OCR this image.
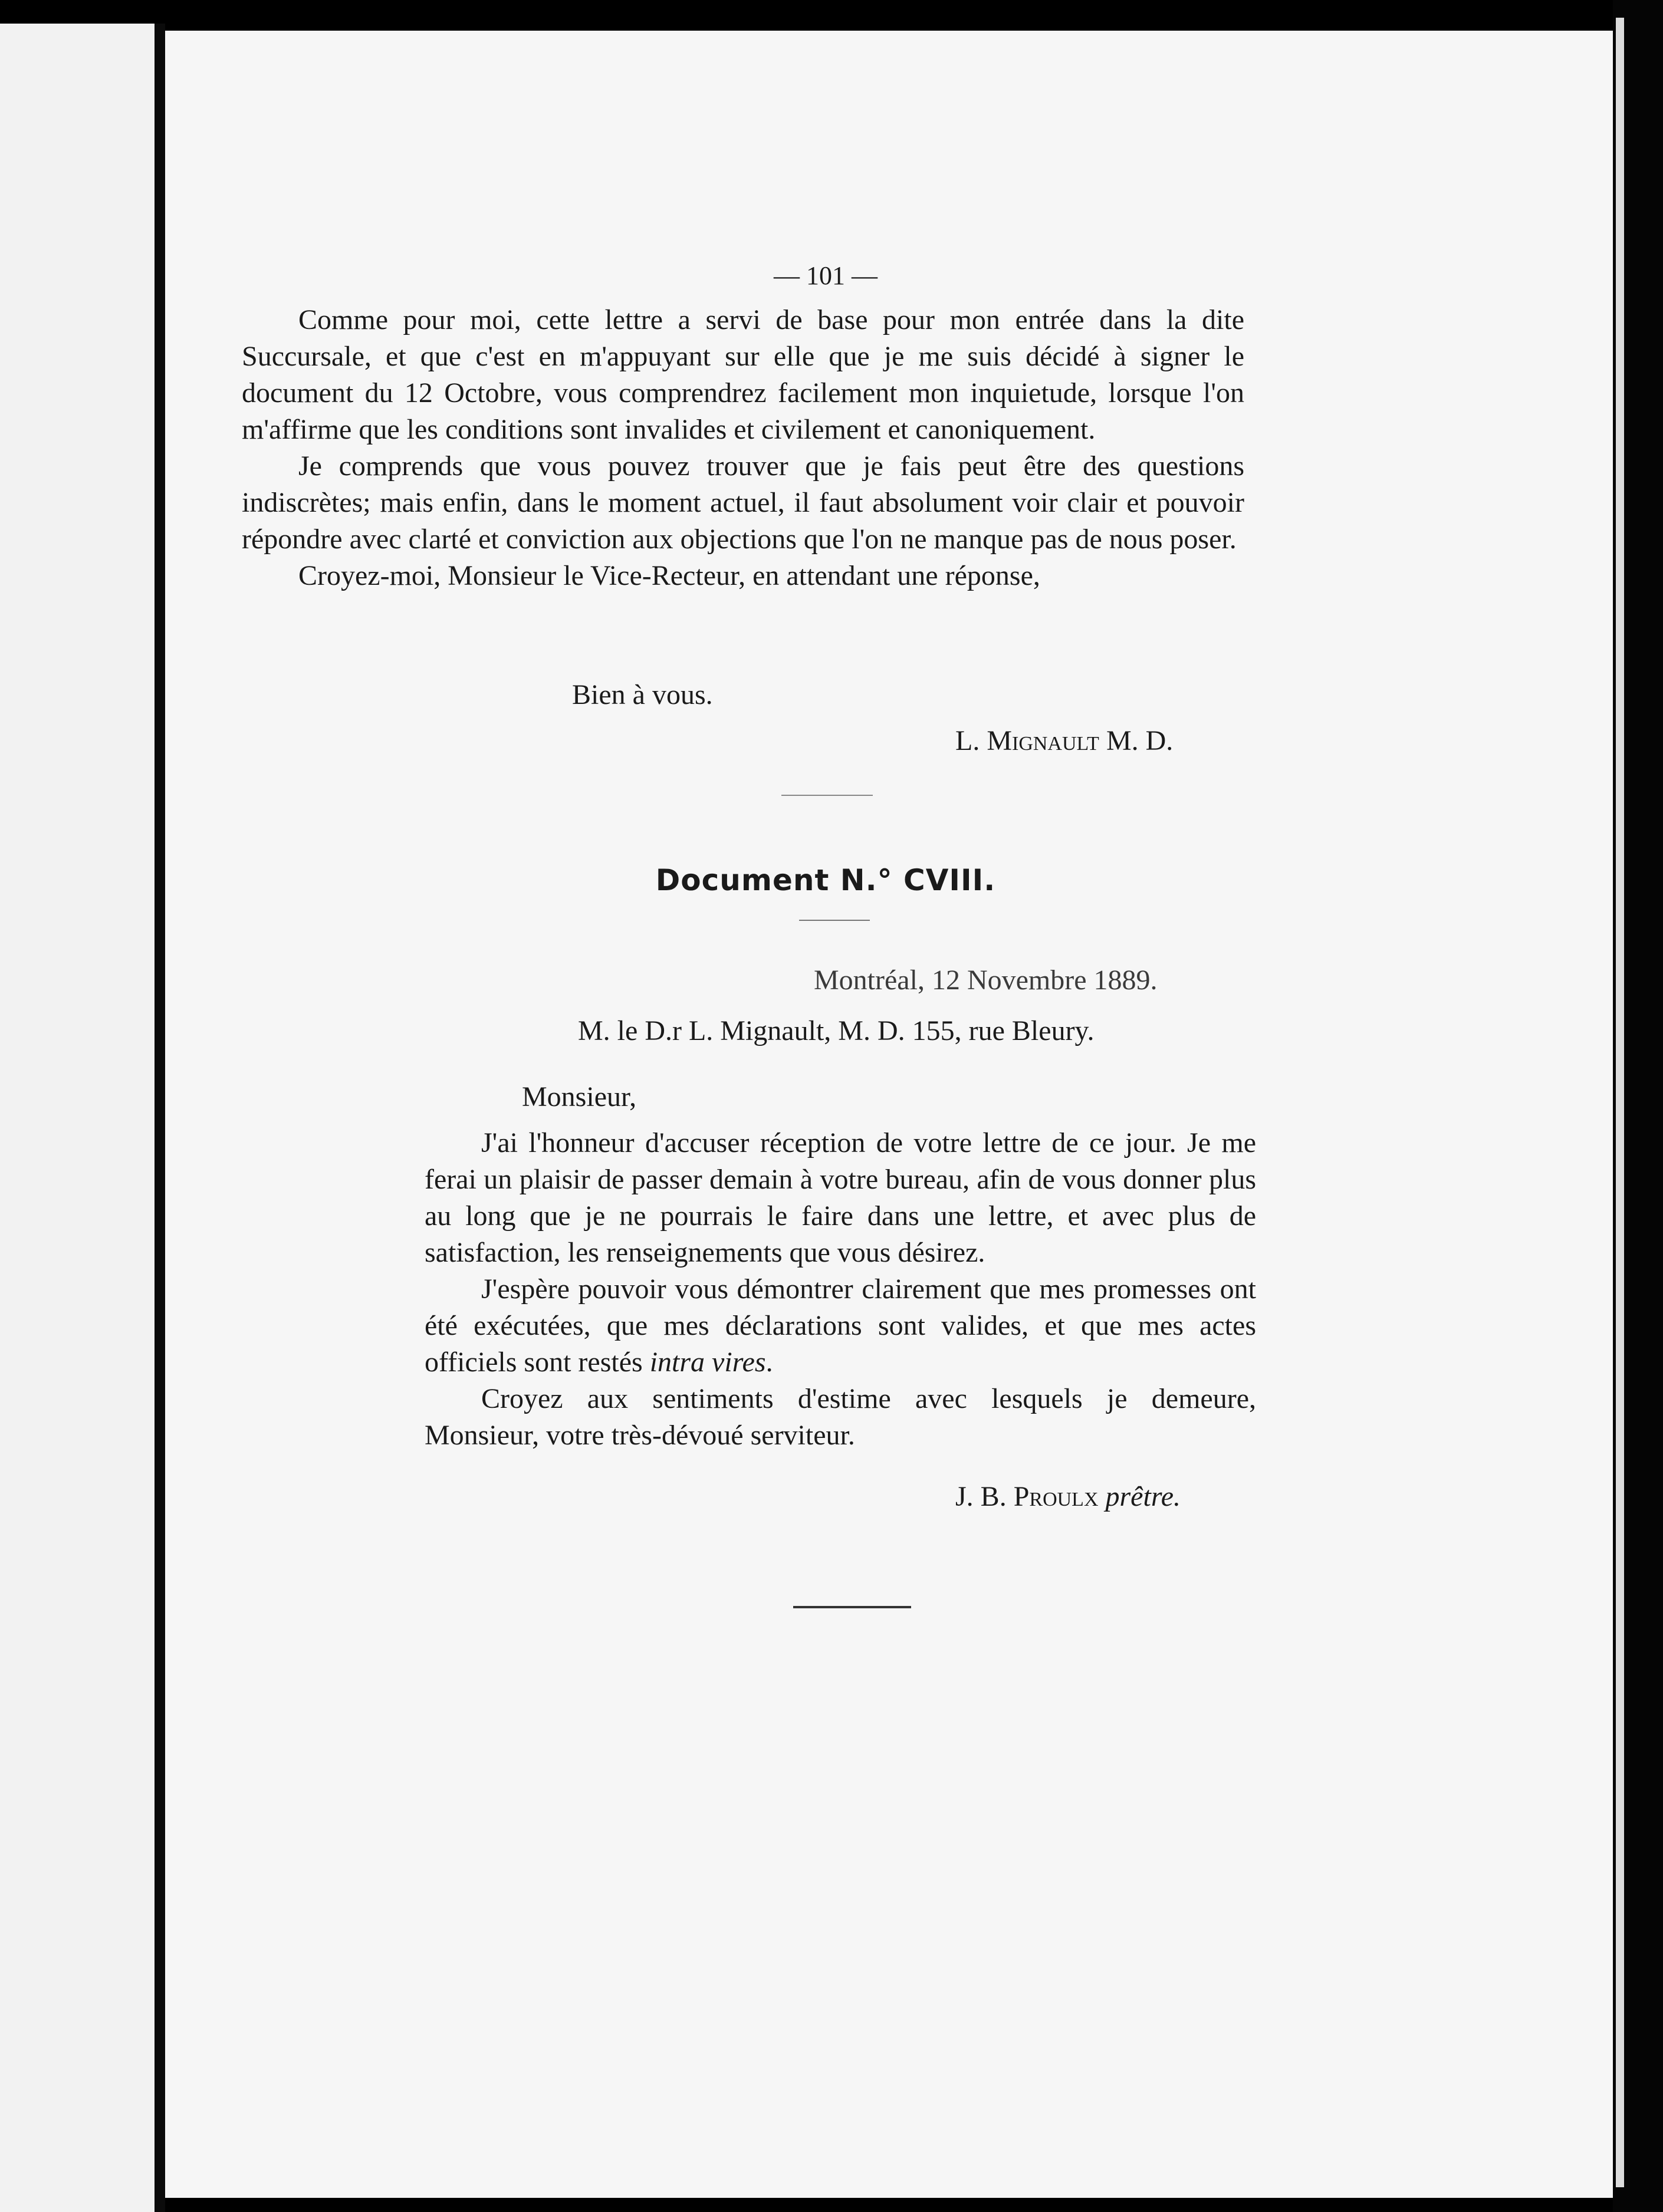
— 101 —

Comme pour moi, cette lettre a servi de base pour mon entrée dans la dite Succursale, et que c'est en m'appuyant sur elle que je me suis décidé à signer le document du 12 Octobre, vous comprendrez facilement mon inquietude, lorsque l'on m'affirme que les conditions sont invalides et civilement et canoniquement.

Je comprends que vous pouvez trouver que je fais peut être des questions indiscrètes; mais enfin, dans le moment actuel, il faut absolument voir clair et pouvoir répondre avec clarté et conviction aux objections que l'on ne manque pas de nous poser.

Croyez-moi, Monsieur le Vice-Recteur, en attendant une réponse,

Bien à vous.
L. Mignault M. D.
Document N.° CVIII.
Montréal, 12 Novembre 1889.
M. le D.r L. Mignault, M. D. 155, rue Bleury.
Monsieur,

J'ai l'honneur d'accuser réception de votre lettre de ce jour. Je me ferai un plaisir de passer demain à votre bureau, afin de vous donner plus au long que je ne pourrais le faire dans une lettre, et avec plus de satisfaction, les renseignements que vous désirez.

J'espère pouvoir vous démontrer clairement que mes promesses ont été exécutées, que mes déclarations sont valides, et que mes actes officiels sont restés intra vires.

Croyez aux sentiments d'estime avec lesquels je demeure, Monsieur, votre très-dévoué serviteur.

J. B. Proulx prêtre.
